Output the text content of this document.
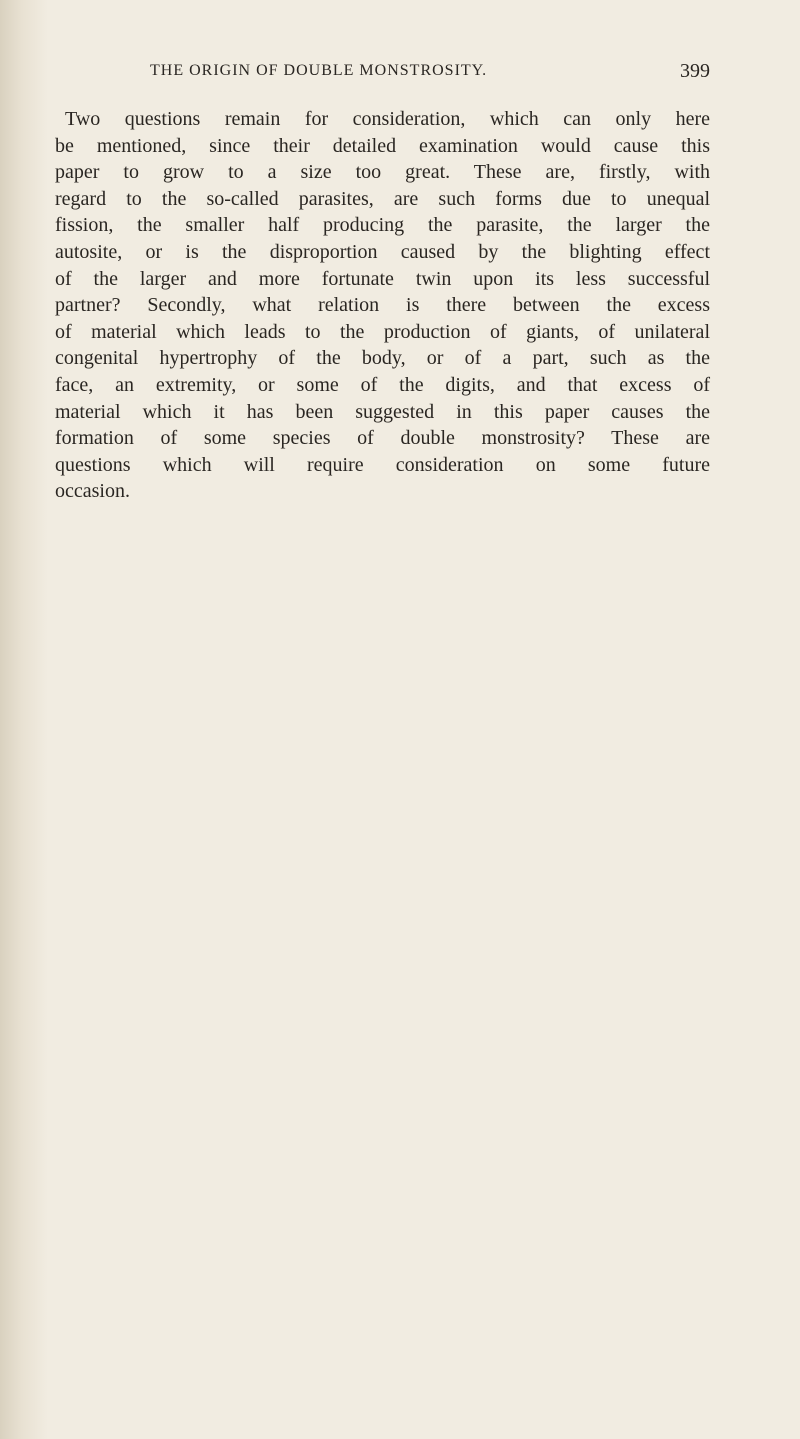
THE ORIGIN OF DOUBLE MONSTROSITY.	399

Two questions remain for consideration, which can only here
be mentioned, since their detailed examination would cause this
paper to grow to a size too great. These are, firstly, with
regard to the so-called parasites, are such forms due to unequal
fission, the smaller half producing the parasite, the larger the
autosite, or is the disproportion caused by the blighting effect
of the larger and more fortunate twin upon its less successful
partner? Secondly, what relation is there between the excess
of material which leads to the production of giants, of unilateral
congenital hypertrophy of the body, or of a part, such as the
face, an extremity, or some of the digits, and that excess of
material which it has been suggested in this paper causes the
formation of some species of double monstrosity? These are
questions which will require consideration on some future
occasion.
